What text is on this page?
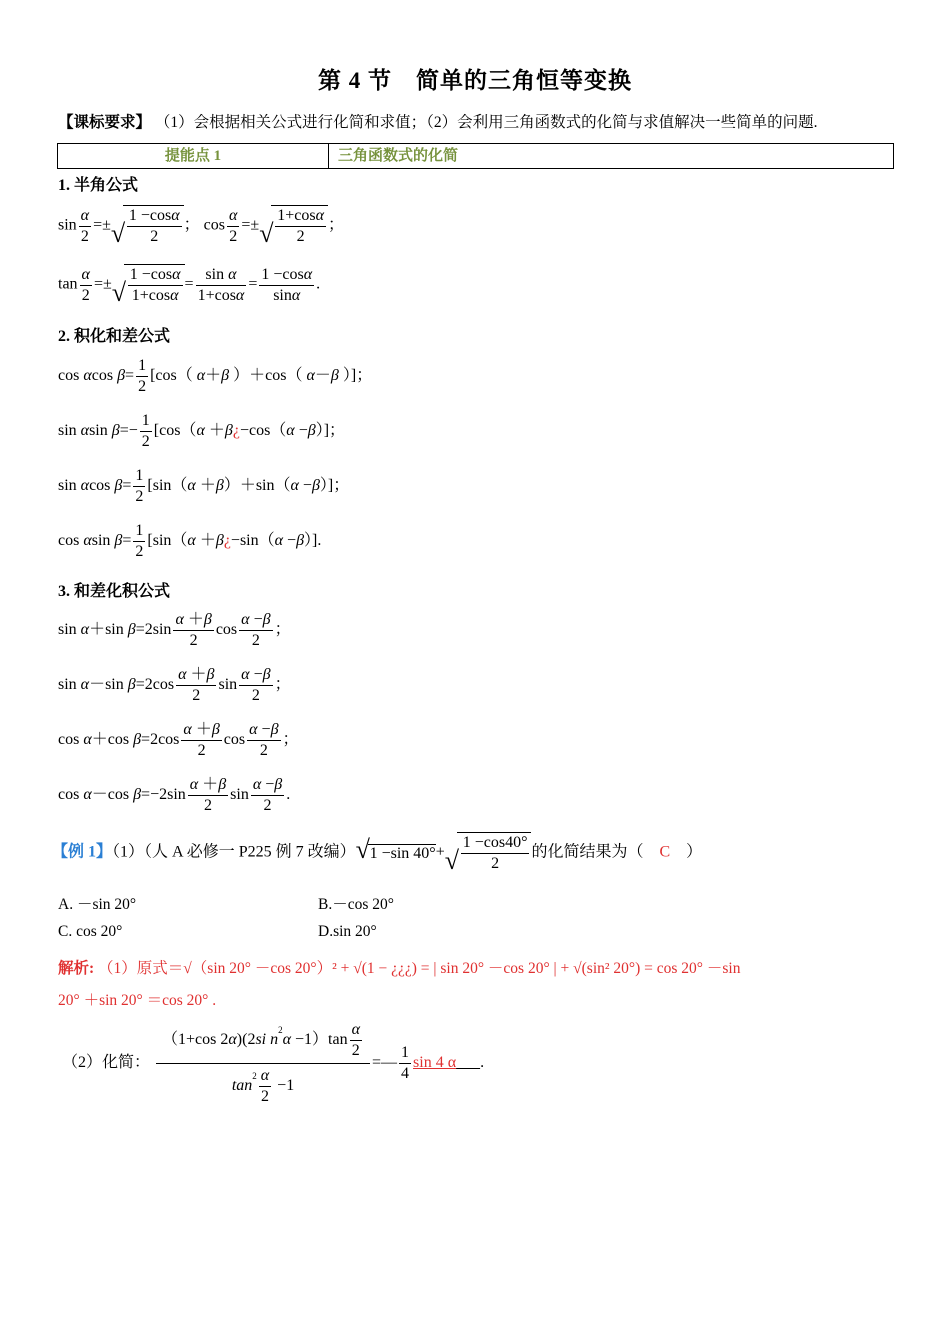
第 4 节　简单的三角恒等变换
【课标要求】 （1）会根据相关公式进行化简和求值；（2）会利用三角函数式的化简与求值解决一些简单的问题.
提能点 1	三角函数式的化简
1. 半角公式
$\sin \frac{\alpha}{2}$ =± √ $\frac{1 -\cos\alpha}{2}$ ； $\cos \frac{\alpha}{2}$ =± √ $\frac{1+\cos\alpha}{2}$ ；
$\tan \frac{\alpha}{2}$ =± √ $\frac{1 -\cos\alpha}{1+\cos\alpha} = \frac{\text{sin α}}{1+\cos\alpha} = \frac{1 -\cos\alpha}{\sin\alpha}$ .
2. 积化和差公式
cos αcos $\beta= \frac{1}{2} [\cos$（ α＋β ）＋cos（ α－β ）]；
sin αsin $\beta=- \frac{1}{2} [\cos(\alpha$ ＋β¿−cos（α −β）]；
sin αcos $\beta= \frac{1}{2} [\sin(\alpha +\beta)+\sin(\alpha -\beta)]$；
cos αsin $\beta= \frac{1}{2} [\sin(\alpha$ ＋β¿−sin（α −β）].
3. 和差化积公式
sin α＋sin $\beta=2\sin \frac{\alpha +\beta}{2}$ $\cos \frac{\alpha -\beta}{2}$ ；
sin α－sin $\beta=2\cos \frac{\alpha +\beta}{2}$ $\sin \frac{\alpha -\beta}{2}$ ；
cos α＋cos $\beta=2\cos \frac{\alpha +\beta}{2}$ $\cos \frac{\alpha -\beta}{2}$ ；
cos α－cos $\beta=-2\sin \frac{\alpha +\beta}{2}$ $\sin \frac{\alpha -\beta}{2}$ .
【例 1】（1）（人 A 必修一 P225 例 7 改编） √ 1 −sin 40°+ √ $\frac{1 -\cos 40^\circ}{2}$ 的化简结果为（ C ）
A. －sin 20°	B.－cos 20°
C. cos 20°	D.sin 20°
解析: （1）原式＝√（sin 20° －cos 20°）² + √(1 − ¿¿¿) = | sin 20° －cos 20° | + √(sin² 20°) = cos 20° －sin
20° ＋sin 20° ＝cos 20° .
（2）化简： $\frac{(1+\cos 2\alpha)(2si n^2\alpha -1)\tan \frac{\alpha}{2}}{\tan^2 \frac{\alpha}{2} -1}$ =— $\frac{1}{4}$ sin 4 α .
